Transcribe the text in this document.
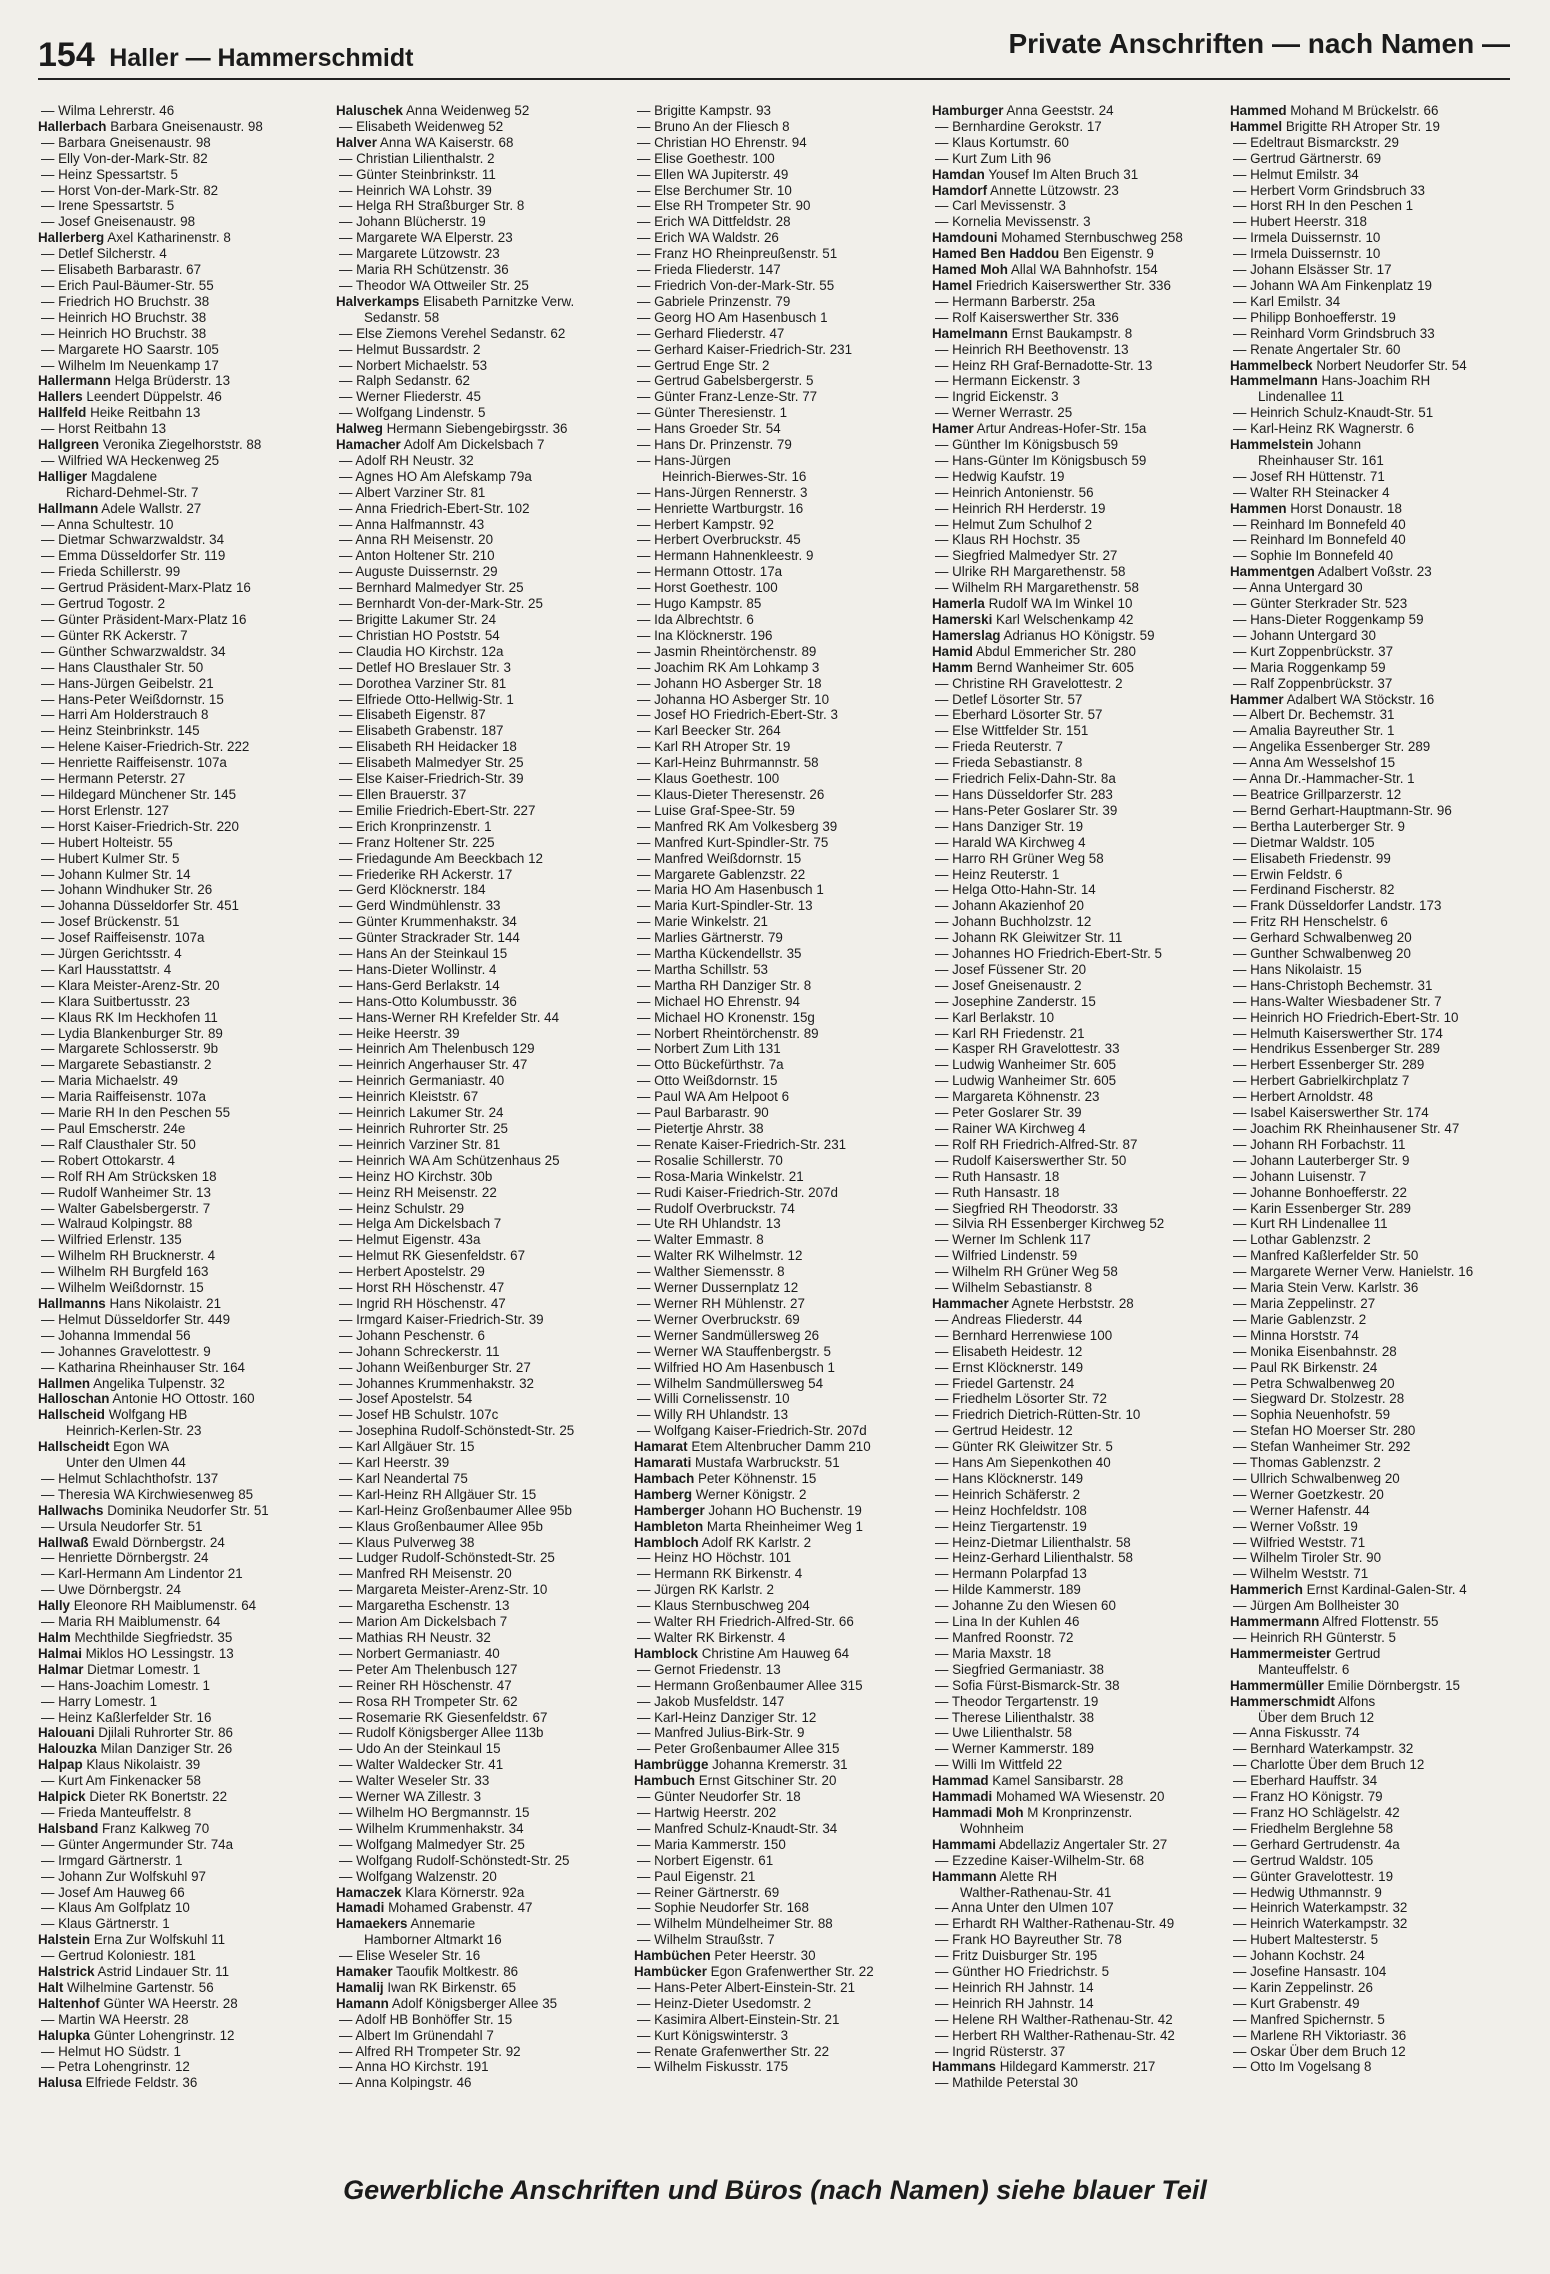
154 Haller — Hammerschmidt	Private Anschriften — nach Namen —
— Wilma Lehrerstr. 46
Hallerbach Barbara Gneisenaustr. 98
— Barbara Gneisenaustr. 98
— Elly Von-der-Mark-Str. 82
— Heinz Spessartstr. 5
— Horst Von-der-Mark-Str. 82
— Irene Spessartstr. 5
— Josef Gneisenaustr. 98
Hallerberg Axel Katharinenstr. 8
— Detlef Silcherstr. 4
— Elisabeth Barbarastr. 67
— Erich Paul-Bäumer-Str. 55
— Friedrich HO Bruchstr. 38
— Heinrich HO Bruchstr. 38
— Heinrich HO Bruchstr. 38
— Margarete HO Saarstr. 105
— Wilhelm Im Neuenkamp 17
Hallermann Helga Brüderstr. 13
Hallers Leendert Düppelstr. 46
Hallfeld Heike Reitbahn 13
— Horst Reitbahn 13
Hallgreen Veronika Ziegelhorststr. 88
— Wilfried WA Heckenweg 25
Halliger Magdalene
Richard-Dehmel-Str. 7
Hallmann Adele Wallstr. 27
— Anna Schultestr. 10
— Dietmar Schwarzwaldstr. 34
— Emma Düsseldorfer Str. 119
— Frieda Schillerstr. 99
— Gertrud Präsident-Marx-Platz 16
— Gertrud Togostr. 2
— Günter Präsident-Marx-Platz 16
— Günter RK Ackerstr. 7
— Günther Schwarzwaldstr. 34
— Hans Clausthaler Str. 50
— Hans-Jürgen Geibelstr. 21
— Hans-Peter Weißdornstr. 15
— Harri Am Holderstrauch 8
— Heinz Steinbrinkstr. 145
— Helene Kaiser-Friedrich-Str. 222
— Henriette Raiffeisenstr. 107a
— Hermann Peterstr. 27
— Hildegard Münchener Str. 145
— Horst Erlenstr. 127
— Horst Kaiser-Friedrich-Str. 220
— Hubert Holteistr. 55
— Hubert Kulmer Str. 5
— Johann Kulmer Str. 14
— Johann Windhuker Str. 26
— Johanna Düsseldorfer Str. 451
— Josef Brückenstr. 51
— Josef Raiffeisenstr. 107a
— Jürgen Gerichtsstr. 4
— Karl Hausstattstr. 4
— Klara Meister-Arenz-Str. 20
— Klara Suitbertusstr. 23
— Klaus RK Im Heckhofen 11
— Lydia Blankenburger Str. 89
— Margarete Schlosserstr. 9b
— Margarete Sebastianstr. 2
— Maria Michaelstr. 49
— Maria Raiffeisenstr. 107a
— Marie RH In den Peschen 55
— Paul Emscherstr. 24e
— Ralf Clausthaler Str. 50
— Robert Ottokarstr. 4
— Rolf RH Am Strücksken 18
— Rudolf Wanheimer Str. 13
— Walter Gabelsbergerstr. 7
— Walraud Kolpingstr. 88
— Wilfried Erlenstr. 135
— Wilhelm RH Brucknerstr. 4
— Wilhelm RH Burgfeld 163
— Wilhelm Weißdornstr. 15
Hallmanns Hans Nikolaistr. 21
— Helmut Düsseldorfer Str. 449
— Johanna Immendal 56
— Johannes Gravelottestr. 9
— Katharina Rheinhauser Str. 164
Hallmen Angelika Tulpenstr. 32
Halloschan Antonie HO Ottostr. 160
Hallscheid Wolfgang HB
Heinrich-Kerlen-Str. 23
Hallscheidt Egon WA
Unter den Ulmen 44
— Helmut Schlachthofstr. 137
— Theresia WA Kirchwiesenweg 85
Hallwachs Dominika Neudorfer Str. 51
— Ursula Neudorfer Str. 51
Hallwaß Ewald Dörnbergstr. 24
— Henriette Dörnbergstr. 24
— Karl-Hermann Am Lindentor 21
— Uwe Dörnbergstr. 24
Hally Eleonore RH Maiblumenstr. 64
— Maria RH Maiblumenstr. 64
Halm Mechthilde Siegfriedstr. 35
Halmai Miklos HO Lessingstr. 13
Halmar Dietmar Lomestr. 1
— Hans-Joachim Lomestr. 1
— Harry Lomestr. 1
— Heinz Kaßlerfelder Str. 16
Halouani Djilali Ruhrorter Str. 86
Halouzka Milan Danziger Str. 26
Halpap Klaus Nikolaistr. 39
— Kurt Am Finkenacker 58
Halpick Dieter RK Bonertstr. 22
— Frieda Manteuffelstr. 8
Halsband Franz Kalkweg 70
— Günter Angermunder Str. 74a
— Irmgard Gärtnerstr. 1
— Johann Zur Wolfskuhl 97
— Josef Am Hauweg 66
— Klaus Am Golfplatz 10
— Klaus Gärtnerstr. 1
Halstein Erna Zur Wolfskuhl 11
— Gertrud Koloniestr. 181
Halstrick Astrid Lindauer Str. 11
Halt Wilhelmine Gartenstr. 56
Haltenhof Günter WA Heerstr. 28
— Martin WA Heerstr. 28
Halupka Günter Lohengrinstr. 12
— Helmut HO Südstr. 1
— Petra Lohengrinstr. 12
Halusa Elfriede Feldstr. 36
Haluschek Anna Weidenweg 52
— Elisabeth Weidenweg 52
Halver Anna WA Kaiserstr. 68
— Christian Lilienthalstr. 2
— Günter Steinbrinkstr. 11
— Heinrich WA Lohstr. 39
— Helga RH Straßburger Str. 8
— Johann Blücherstr. 19
— Margarete WA Elperstr. 23
— Margarete Lützowstr. 23
— Maria RH Schützenstr. 36
— Theodor WA Ottweiler Str. 25
Halverkamps Elisabeth Parnitzke Verw.
Sedanstr. 58
— Else Ziemons Verehel Sedanstr. 62
— Helmut Bussardstr. 2
— Norbert Michaelstr. 53
— Ralph Sedanstr. 62
— Werner Fliederstr. 45
— Wolfgang Lindenstr. 5
Halweg Hermann Siebengebirgsstr. 36
Hamacher Adolf Am Dickelsbach 7
— Adolf RH Neustr. 32
— Agnes HO Am Alefskamp 79a
— Albert Varziner Str. 81
— Anna Friedrich-Ebert-Str. 102
— Anna Halfmannstr. 43
— Anna RH Meisenstr. 20
— Anton Holtener Str. 210
— Auguste Duissernstr. 29
— Bernhard Malmedyer Str. 25
— Bernhardt Von-der-Mark-Str. 25
— Brigitte Lakumer Str. 24
— Christian HO Poststr. 54
— Claudia HO Kirchstr. 12a
— Detlef HO Breslauer Str. 3
— Dorothea Varziner Str. 81
— Elfriede Otto-Hellwig-Str. 1
— Elisabeth Eigenstr. 87
— Elisabeth Grabenstr. 187
— Elisabeth RH Heidacker 18
— Elisabeth Malmedyer Str. 25
— Else Kaiser-Friedrich-Str. 39
— Ellen Brauerstr. 37
— Emilie Friedrich-Ebert-Str. 227
— Erich Kronprinzenstr. 1
— Franz Holtener Str. 225
— Friedagunde Am Beeckbach 12
— Friederike RH Ackerstr. 17
— Gerd Klöcknerstr. 184
— Gerd Windmühlenstr. 33
— Günter Krummenhakstr. 34
— Günter Strackrader Str. 144
— Hans An der Steinkaul 15
— Hans-Dieter Wollinstr. 4
— Hans-Gerd Berlakstr. 14
— Hans-Otto Kolumbusstr. 36
— Hans-Werner RH Krefelder Str. 44
— Heike Heerstr. 39
— Heinrich Am Thelenbusch 129
— Heinrich Angerhauser Str. 47
— Heinrich Germaniastr. 40
— Heinrich Kleiststr. 67
— Heinrich Lakumer Str. 24
— Heinrich Ruhrorter Str. 25
— Heinrich Varziner Str. 81
— Heinrich WA Am Schützenhaus 25
— Heinz HO Kirchstr. 30b
— Heinz RH Meisenstr. 22
— Heinz Schulstr. 29
— Helga Am Dickelsbach 7
— Helmut Eigenstr. 43a
— Helmut RK Giesenfeldstr. 67
— Herbert Apostelstr. 29
— Horst RH Höschenstr. 47
— Ingrid RH Höschenstr. 47
— Irmgard Kaiser-Friedrich-Str. 39
— Johann Peschenstr. 6
— Johann Schreckerstr. 11
— Johann Weißenburger Str. 27
— Johannes Krummenhakstr. 32
— Josef Apostelstr. 54
— Josef HB Schulstr. 107c
— Josephina Rudolf-Schönstedt-Str. 25
— Karl Allgäuer Str. 15
— Karl Heerstr. 39
— Karl Neandertal 75
— Karl-Heinz RH Allgäuer Str. 15
— Karl-Heinz Großenbaumer Allee 95b
— Klaus Großenbaumer Allee 95b
— Klaus Pulverweg 38
— Ludger Rudolf-Schönstedt-Str. 25
— Manfred RH Meisenstr. 20
— Margareta Meister-Arenz-Str. 10
— Margaretha Eschenstr. 13
— Marion Am Dickelsbach 7
— Mathias RH Neustr. 32
— Norbert Germaniastr. 40
— Peter Am Thelenbusch 127
— Reiner RH Höschenstr. 47
— Rosa RH Trompeter Str. 62
— Rosemarie RK Giesenfeldstr. 67
— Rudolf Königsberger Allee 113b
— Udo An der Steinkaul 15
— Walter Waldecker Str. 41
— Walter Weseler Str. 33
— Werner WA Zillestr. 3
— Wilhelm HO Bergmannstr. 15
— Wilhelm Krummenhakstr. 34
— Wolfgang Malmedyer Str. 25
— Wolfgang Rudolf-Schönstedt-Str. 25
— Wolfgang Walzenstr. 20
Hamaczek Klara Körnerstr. 92a
Hamadi Mohamed Grabenstr. 47
Hamaekers Annemarie
Hamborner Altmarkt 16
— Elise Weseler Str. 16
Hamaker Taoufik Moltkestr. 86
Hamalij Iwan RK Birkenstr. 65
Hamann Adolf Königsberger Allee 35
— Adolf HB Bonhöffer Str. 15
— Albert Im Grünendahl 7
— Alfred RH Trompeter Str. 92
— Anna HO Kirchstr. 191
— Anna Kolpingstr. 46
— Brigitte Kampstr. 93
— Bruno An der Fliesch 8
— Christian HO Ehrenstr. 94
— Elise Goethestr. 100
— Ellen WA Jupiterstr. 49
— Else Berchumer Str. 10
— Else RH Trompeter Str. 90
— Erich WA Dittfeldstr. 28
— Erich WA Waldstr. 26
— Franz HO Rheinpreußenstr. 51
— Frieda Fliederstr. 147
— Friedrich Von-der-Mark-Str. 55
— Gabriele Prinzenstr. 79
— Georg HO Am Hasenbusch 1
— Gerhard Fliederstr. 47
— Gerhard Kaiser-Friedrich-Str. 231
— Gertrud Enge Str. 2
— Gertrud Gabelsbergerstr. 5
— Günter Franz-Lenze-Str. 77
— Günter Theresienstr. 1
— Hans Groeder Str. 54
— Hans Dr. Prinzenstr. 79
— Hans-Jürgen
Heinrich-Bierwes-Str. 16
— Hans-Jürgen Rennerstr. 3
— Henriette Wartburgstr. 16
— Herbert Kampstr. 92
— Herbert Overbruckstr. 45
— Hermann Hahnenkleestr. 9
— Hermann Ottostr. 17a
— Horst Goethestr. 100
— Hugo Kampstr. 85
— Ida Albrechtstr. 6
— Ina Klöcknerstr. 196
— Jasmin Rheintörchenstr. 89
— Joachim RK Am Lohkamp 3
— Johann HO Asberger Str. 18
— Johanna HO Asberger Str. 10
— Josef HO Friedrich-Ebert-Str. 3
— Karl Beecker Str. 264
— Karl RH Atroper Str. 19
— Karl-Heinz Buhrmannstr. 58
— Klaus Goethestr. 100
— Klaus-Dieter Theresenstr. 26
— Luise Graf-Spee-Str. 59
— Manfred RK Am Volkesberg 39
— Manfred Kurt-Spindler-Str. 75
— Manfred Weißdornstr. 15
— Margarete Gablenzstr. 22
— Maria HO Am Hasenbusch 1
— Maria Kurt-Spindler-Str. 13
— Marie Winkelstr. 21
— Marlies Gärtnerstr. 79
— Martha Kückendellstr. 35
— Martha Schillstr. 53
— Martha RH Danziger Str. 8
— Michael HO Ehrenstr. 94
— Michael HO Kronenstr. 15g
— Norbert Rheintörchenstr. 89
— Norbert Zum Lith 131
— Otto Bückefürthstr. 7a
— Otto Weißdornstr. 15
— Paul WA Am Helpoot 6
— Paul Barbarastr. 90
— Pietertje Ahrstr. 38
— Renate Kaiser-Friedrich-Str. 231
— Rosalie Schillerstr. 70
— Rosa-Maria Winkelstr. 21
— Rudi Kaiser-Friedrich-Str. 207d
— Rudolf Overbruckstr. 74
— Ute RH Uhlandstr. 13
— Walter Emmastr. 8
— Walter RK Wilhelmstr. 12
— Walther Siemensstr. 8
— Werner Dussernplatz 12
— Werner RH Mühlenstr. 27
— Werner Overbruckstr. 69
— Werner Sandmüllersweg 26
— Werner WA Stauffenbergstr. 5
— Wilfried HO Am Hasenbusch 1
— Wilhelm Sandmüllersweg 54
— Willi Cornelissenstr. 10
— Willy RH Uhlandstr. 13
— Wolfgang Kaiser-Friedrich-Str. 207d
Hamarat Etem Altenbrucher Damm 210
Hamarati Mustafa Warbruckstr. 51
Hambach Peter Köhnenstr. 15
Hamberg Werner Königstr. 2
Hamberger Johann HO Buchenstr. 19
Hambleton Marta Rheinheimer Weg 1
Hambloch Adolf RK Karlstr. 2
— Heinz HO Höchstr. 101
— Hermann RK Birkenstr. 4
— Jürgen RK Karlstr. 2
— Klaus Sternbuschweg 204
— Walter RH Friedrich-Alfred-Str. 66
— Walter RK Birkenstr. 4
Hamblock Christine Am Hauweg 64
— Gernot Friedenstr. 13
— Hermann Großenbaumer Allee 315
— Jakob Musfeldstr. 147
— Karl-Heinz Danziger Str. 12
— Manfred Julius-Birk-Str. 9
— Peter Großenbaumer Allee 315
Hambrügge Johanna Kremerstr. 31
Hambuch Ernst Gitschiner Str. 20
— Günter Neudorfer Str. 18
— Hartwig Heerstr. 202
— Manfred Schulz-Knaudt-Str. 34
— Maria Kammerstr. 150
— Norbert Eigenstr. 61
— Paul Eigenstr. 21
— Reiner Gärtnerstr. 69
— Sophie Neudorfer Str. 168
— Wilhelm Mündelheimer Str. 88
— Wilhelm Straußstr. 7
Hambüchen Peter Heerstr. 30
Hambücker Egon Grafenwerther Str. 22
— Hans-Peter Albert-Einstein-Str. 21
— Heinz-Dieter Usedomstr. 2
— Kasimira Albert-Einstein-Str. 21
— Kurt Königswinterstr. 3
— Renate Grafenwerther Str. 22
— Wilhelm Fiskusstr. 175
Hamburger Anna Geeststr. 24
— Bernhardine Gerokstr. 17
— Klaus Kortumstr. 60
— Kurt Zum Lith 96
Hamdan Yousef Im Alten Bruch 31
Hamdorf Annette Lützowstr. 23
— Carl Mevissenstr. 3
— Kornelia Mevissenstr. 3
Hamdouni Mohamed Sternbuschweg 258
Hamed Ben Haddou Ben Eigenstr. 9
Hamed Moh Allal WA Bahnhofstr. 154
Hamel Friedrich Kaiserswerther Str. 336
— Hermann Barberstr. 25a
— Rolf Kaiserswerther Str. 336
Hamelmann Ernst Baukampstr. 8
— Heinrich RH Beethovenstr. 13
— Heinz RH Graf-Bernadotte-Str. 13
— Hermann Eickenstr. 3
— Ingrid Eickenstr. 3
— Werner Werrastr. 25
Hamer Artur Andreas-Hofer-Str. 15a
— Günther Im Königsbusch 59
— Hans-Günter Im Königsbusch 59
— Hedwig Kaufstr. 19
— Heinrich Antonienstr. 56
— Heinrich RH Herderstr. 19
— Helmut Zum Schulhof 2
— Klaus RH Hochstr. 35
— Siegfried Malmedyer Str. 27
— Ulrike RH Margarethenstr. 58
— Wilhelm RH Margarethenstr. 58
Hamerla Rudolf WA Im Winkel 10
Hamerski Karl Welschenkamp 42
Hamerslag Adrianus HO Königstr. 59
Hamid Abdul Emmericher Str. 280
Hamm Bernd Wanheimer Str. 605
— Christine RH Gravelottestr. 2
— Detlef Lösorter Str. 57
— Eberhard Lösorter Str. 57
— Else Wittfelder Str. 151
— Frieda Reuterstr. 7
— Frieda Sebastianstr. 8
— Friedrich Felix-Dahn-Str. 8a
— Hans Düsseldorfer Str. 283
— Hans-Peter Goslarer Str. 39
— Hans Danziger Str. 19
— Harald WA Kirchweg 4
— Harro RH Grüner Weg 58
— Heinz Reuterstr. 1
— Helga Otto-Hahn-Str. 14
— Johann Akazienhof 20
— Johann Buchholzstr. 12
— Johann RK Gleiwitzer Str. 11
— Johannes HO Friedrich-Ebert-Str. 5
— Josef Füssener Str. 20
— Josef Gneisenaustr. 2
— Josephine Zanderstr. 15
— Karl Berlakstr. 10
— Karl RH Friedenstr. 21
— Kasper RH Gravelottestr. 33
— Ludwig Wanheimer Str. 605
— Ludwig Wanheimer Str. 605
— Margareta Köhnenstr. 23
— Peter Goslarer Str. 39
— Rainer WA Kirchweg 4
— Rolf RH Friedrich-Alfred-Str. 87
— Rudolf Kaiserswerther Str. 50
— Ruth Hansastr. 18
— Ruth Hansastr. 18
— Siegfried RH Theodorstr. 33
— Silvia RH Essenberger Kirchweg 52
— Werner Im Schlenk 117
— Wilfried Lindenstr. 59
— Wilhelm RH Grüner Weg 58
— Wilhelm Sebastianstr. 8
Hammacher Agnete Herbststr. 28
— Andreas Fliederstr. 44
— Bernhard Herrenwiese 100
— Elisabeth Heidestr. 12
— Ernst Klöcknerstr. 149
— Friedel Gartenstr. 24
— Friedhelm Lösorter Str. 72
— Friedrich Dietrich-Rütten-Str. 10
— Gertrud Heidestr. 12
— Günter RK Gleiwitzer Str. 5
— Hans Am Siepenkothen 40
— Hans Klöcknerstr. 149
— Heinrich Schäferstr. 2
— Heinz Hochfeldstr. 108
— Heinz Tiergartenstr. 19
— Heinz-Dietmar Lilienthalstr. 58
— Heinz-Gerhard Lilienthalstr. 58
— Hermann Polarpfad 13
— Hilde Kammerstr. 189
— Johanne Zu den Wiesen 60
— Lina In der Kuhlen 46
— Manfred Roonstr. 72
— Maria Maxstr. 18
— Siegfried Germaniastr. 38
— Sofia Fürst-Bismarck-Str. 38
— Theodor Tergartenstr. 19
— Therese Lilienthalstr. 38
— Uwe Lilienthalstr. 58
— Werner Kammerstr. 189
— Willi Im Wittfeld 22
Hammad Kamel Sansibarstr. 28
Hammadi Mohamed WA Wiesenstr. 20
Hammadi Moh M Kronprinzenstr.
Wohnheim
Hammami Abdellaziz Angertaler Str. 27
— Ezzedine Kaiser-Wilhelm-Str. 68
Hammann Alette RH
Walther-Rathenau-Str. 41
— Anna Unter den Ulmen 107
— Erhardt RH Walther-Rathenau-Str. 49
— Frank HO Bayreuther Str. 78
— Fritz Duisburger Str. 195
— Günther HO Friedrichstr. 5
— Heinrich RH Jahnstr. 14
— Heinrich RH Jahnstr. 14
— Helene RH Walther-Rathenau-Str. 42
— Herbert RH Walther-Rathenau-Str. 42
— Ingrid Rüsterstr. 37
Hammans Hildegard Kammerstr. 217
— Mathilde Peterstal 30
Hammed Mohand M Brückelstr. 66
Hammel Brigitte RH Atroper Str. 19
— Edeltraut Bismarckstr. 29
— Gertrud Gärtnerstr. 69
— Helmut Emilstr. 34
— Herbert Vorm Grindsbruch 33
— Horst RH In den Peschen 1
— Hubert Heerstr. 318
— Irmela Duissernstr. 10
— Irmela Duissernstr. 10
— Johann Elsässer Str. 17
— Johann WA Am Finkenplatz 19
— Karl Emilstr. 34
— Philipp Bonhoefferstr. 19
— Reinhard Vorm Grindsbruch 33
— Renate Angertaler Str. 60
Hammelbeck Norbert Neudorfer Str. 54
Hammelmann Hans-Joachim RH
Lindenallee 11
— Heinrich Schulz-Knaudt-Str. 51
— Karl-Heinz RK Wagnerstr. 6
Hammelstein Johann
Rheinhauser Str. 161
— Josef RH Hüttenstr. 71
— Walter RH Steinacker 4
Hammen Horst Donaustr. 18
— Reinhard Im Bonnefeld 40
— Reinhard Im Bonnefeld 40
— Sophie Im Bonnefeld 40
Hammentgen Adalbert Voßstr. 23
— Anna Untergard 30
— Günter Sterkrader Str. 523
— Hans-Dieter Roggenkamp 59
— Johann Untergard 30
— Kurt Zoppenbrückstr. 37
— Maria Roggenkamp 59
— Ralf Zoppenbrückstr. 37
Hammer Adalbert WA Stöckstr. 16
— Albert Dr. Bechemstr. 31
— Amalia Bayreuther Str. 1
— Angelika Essenberger Str. 289
— Anna Am Wesselshof 15
— Anna Dr.-Hammacher-Str. 1
— Beatrice Grillparzerstr. 12
— Bernd Gerhart-Hauptmann-Str. 96
— Bertha Lauterberger Str. 9
— Dietmar Waldstr. 105
— Elisabeth Friedenstr. 99
— Erwin Feldstr. 6
— Ferdinand Fischerstr. 82
— Frank Düsseldorfer Landstr. 173
— Fritz RH Henschelstr. 6
— Gerhard Schwalbenweg 20
— Gunther Schwalbenweg 20
— Hans Nikolaistr. 15
— Hans-Christoph Bechemstr. 31
— Hans-Walter Wiesbadener Str. 7
— Heinrich HO Friedrich-Ebert-Str. 10
— Helmuth Kaiserswerther Str. 174
— Hendrikus Essenberger Str. 289
— Herbert Essenberger Str. 289
— Herbert Gabrielkirchplatz 7
— Herbert Arnoldstr. 48
— Isabel Kaiserswerther Str. 174
— Joachim RK Rheinhausener Str. 47
— Johann RH Forbachstr. 11
— Johann Lauterberger Str. 9
— Johann Luisenstr. 7
— Johanne Bonhoefferstr. 22
— Karin Essenberger Str. 289
— Kurt RH Lindenallee 11
— Lothar Gablenzstr. 2
— Manfred Kaßlerfelder Str. 50
— Margarete Werner Verw. Hanielstr. 16
— Maria Stein Verw. Karlstr. 36
— Maria Zeppelinstr. 27
— Marie Gablenzstr. 2
— Minna Horststr. 74
— Monika Eisenbahnstr. 28
— Paul RK Birkenstr. 24
— Petra Schwalbenweg 20
— Siegward Dr. Stolzestr. 28
— Sophia Neuenhofstr. 59
— Stefan HO Moerser Str. 280
— Stefan Wanheimer Str. 292
— Thomas Gablenzstr. 2
— Ullrich Schwalbenweg 20
— Werner Goetzkestr. 20
— Werner Hafenstr. 44
— Werner Voßstr. 19
— Wilfried Weststr. 71
— Wilhelm Tiroler Str. 90
— Wilhelm Weststr. 71
Hammerich Ernst Kardinal-Galen-Str. 4
— Jürgen Am Bollheister 30
Hammermann Alfred Flottenstr. 55
— Heinrich RH Günterstr. 5
Hammermeister Gertrud
Manteuffelstr. 6
Hammermüller Emilie Dörnbergstr. 15
Hammerschmidt Alfons
Über dem Bruch 12
— Anna Fiskusstr. 74
— Bernhard Waterkampstr. 32
— Charlotte Über dem Bruch 12
— Eberhard Hauffstr. 34
— Franz HO Königstr. 79
— Franz HO Schlägelstr. 42
— Friedhelm Berglehne 58
— Gerhard Gertrudenstr. 4a
— Gertrud Waldstr. 105
— Günter Gravelottestr. 19
— Hedwig Uthmannstr. 9
— Heinrich Waterkampstr. 32
— Heinrich Waterkampstr. 32
— Hubert Maltesterstr. 5
— Johann Kochstr. 24
— Josefine Hansastr. 104
— Karin Zeppelinstr. 26
— Kurt Grabenstr. 49
— Manfred Spichernstr. 5
— Marlene RH Viktoriastr. 36
— Oskar Über dem Bruch 12
— Otto Im Vogelsang 8
Gewerbliche Anschriften und Büros (nach Namen) siehe blauer Teil
